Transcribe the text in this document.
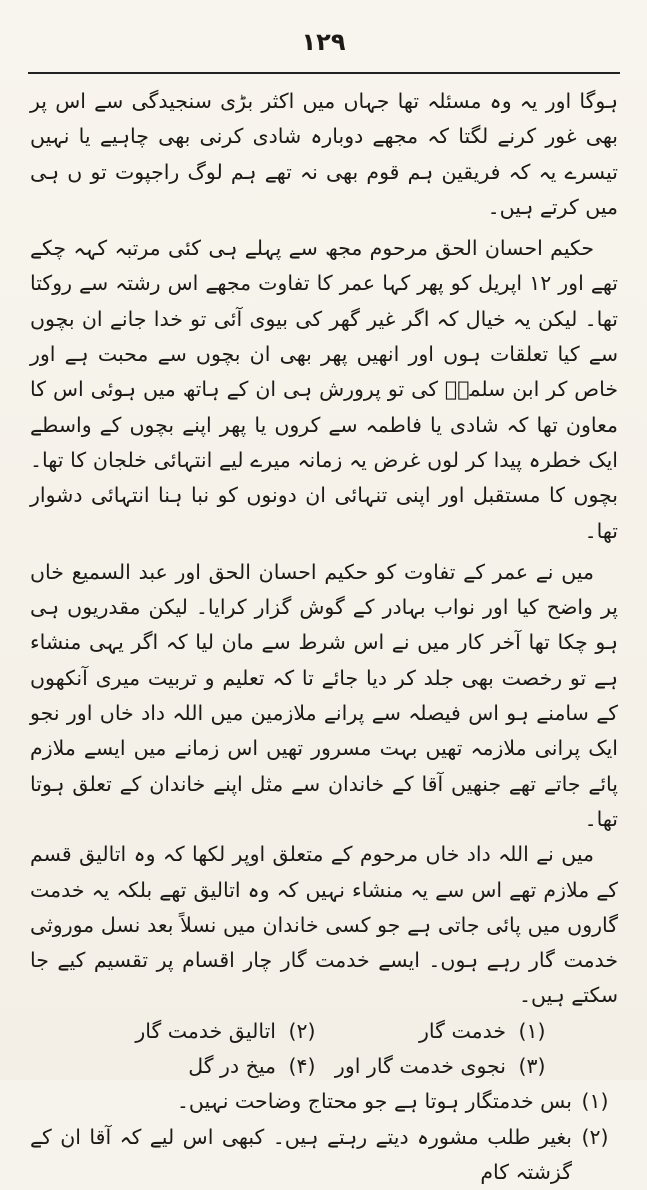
١٢٩

ہوگا اور یہ وہ مسئلہ تھا جہاں میں اکثر بڑی سنجیدگی سے اس پر بھی غور کرنے لگتا کہ مجھے دوبارہ شادی کرنی بھی چاہیے یا نہیں تیسرے یہ کہ فریقین ہم قوم بھی نہ تھے ہم لوگ راجپوت تو ں ہی میں کرتے ہیں۔

حکیم احسان الحق مرحوم مجھ سے پہلے ہی کئی مرتبہ کہہ چکے تھے اور ۱۲ اپریل کو پھر کہا عمر کا تفاوت مجھے اس رشتہ سے روکتا تھا۔ لیکن یہ خیال کہ اگر غیر گھر کی بیوی آئی تو خدا جانے ان بچوں سے کیا تعلقات ہوں اور انھیں پھر بھی ان بچوں سے محبت ہے اور خاص کر ابن سلمہؔ کی تو پرورش ہی ان کے ہاتھ میں ہوئی اس کا معاون تھا کہ شادی یا فاطمہ سے کروں یا پھر اپنے بچوں کے واسطے ایک خطرہ پیدا کر لوں غرض یہ زمانہ میرے لیے انتہائی خلجان کا تھا۔ بچوں کا مستقبل اور اپنی تنہائی ان دونوں کو نبا ہنا انتہائی دشوار تھا۔

میں نے عمر کے تفاوت کو حکیم احسان الحق اور عبد السمیع خاں پر واضح کیا اور نواب بہادر کے گوش گزار کرایا۔ لیکن مقدریوں ہی ہو چکا تھا آخر کار میں نے اس شرط سے مان لیا کہ اگر یہی منشاء ہے تو رخصت بھی جلد کر دیا جائے تا کہ تعلیم و تربیت میری آنکھوں کے سامنے ہو اس فیصلہ سے پرانے ملازمین میں اللہ داد خاں اور نجو ایک پرانی ملازمہ تھیں بہت مسرور تھیں اس زمانے میں ایسے ملازم پائے جاتے تھے جنھیں آقا کے خاندان سے مثل اپنے خاندان کے تعلق ہوتا تھا۔

میں نے اللہ داد خاں مرحوم کے متعلق اوپر لکھا کہ وہ اتالیق قسم کے ملازم تھے اس سے یہ منشاء نہیں کہ وہ اتالیق تھے بلکہ یہ خدمت گاروں میں پائی جاتی ہے جو کسی خاندان میں نسلاً بعد نسل موروثی خدمت گار رہے ہوں۔ ایسے خدمت گار چار اقسام پر تقسیم کیے جا سکتے ہیں۔

(۱)
خدمت گار
(۲)
اتالیق خدمت گار
(۳)
نجوی خدمت گار اور
(۴)
میخ در گل
(۱)
بس خدمتگار ہوتا ہے جو محتاج وضاحت نہیں۔
(۲)
بغیر طلب مشورہ دیتے رہتے ہیں۔ کبھی اس لیے کہ آقا ان کے گزشتہ کام
